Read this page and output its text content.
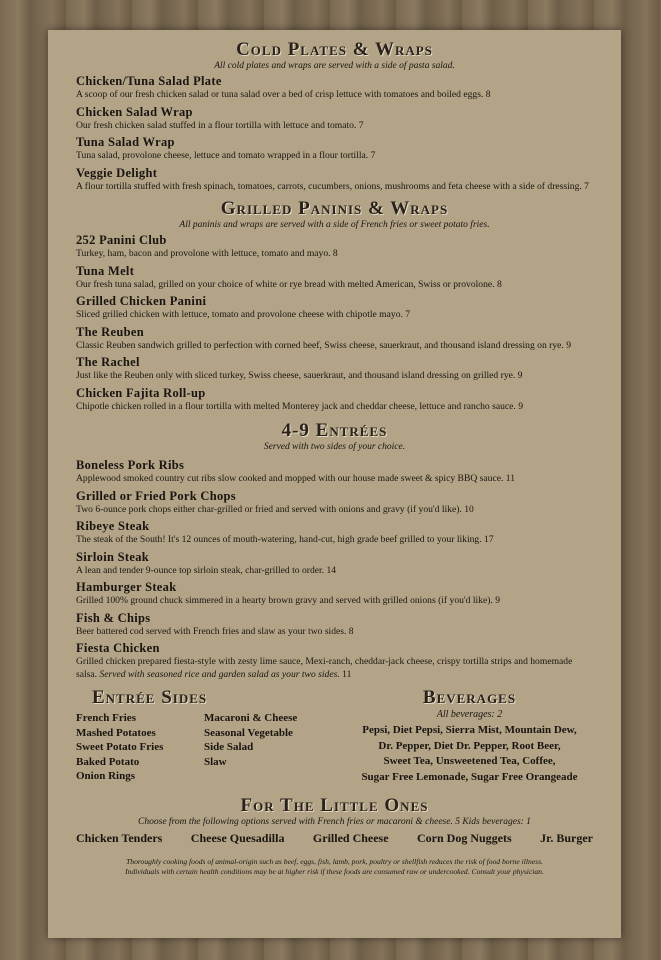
Cold Plates & Wraps

All cold plates and wraps are served with a side of pasta salad.

Chicken/Tuna Salad Plate
A scoop of our fresh chicken salad or tuna salad over a bed of crisp lettuce with tomatoes and boiled eggs. 8
Chicken Salad Wrap
Our fresh chicken salad stuffed in a flour tortilla with lettuce and tomato. 7
Tuna Salad Wrap
Tuna salad, provolone cheese, lettuce and tomato wrapped in a flour tortilla. 7
Veggie Delight
A flour tortilla stuffed with fresh spinach, tomatoes, carrots, cucumbers, onions, mushrooms and feta cheese with a side of dressing. 7
Grilled Paninis & Wraps

All paninis and wraps are served with a side of French fries or sweet potato fries.

252 Panini Club
Turkey, ham, bacon and provolone with lettuce, tomato and mayo. 8
Tuna Melt
Our fresh tuna salad, grilled on your choice of white or rye bread with melted American, Swiss or provolone. 8
Grilled Chicken Panini
Sliced grilled chicken with lettuce, tomato and provolone cheese with chipotle mayo. 7
The Reuben
Classic Reuben sandwich grilled to perfection with corned beef, Swiss cheese, sauerkraut, and thousand island dressing on rye. 9
The Rachel
Just like the Reuben only with sliced turkey, Swiss cheese, sauerkraut, and thousand island dressing on grilled rye. 9
Chicken Fajita Roll-up
Chipotle chicken rolled in a flour tortilla with melted Monterey jack and cheddar cheese, lettuce and rancho sauce. 9
4-9 Entrées

Served with two sides of your choice.

Boneless Pork Ribs
Applewood smoked country cut ribs slow cooked and mopped with our house made sweet & spicy BBQ sauce. 11
Grilled or Fried Pork Chops
Two 6-ounce pork chops either char-grilled or fried and served with onions and gravy (if you'd like). 10
Ribeye Steak
The steak of the South! It's 12 ounces of mouth-watering, hand-cut, high grade beef grilled to your liking. 17
Sirloin Steak
A lean and tender 9-ounce top sirloin steak, char-grilled to order. 14
Hamburger Steak
Grilled 100% ground chuck simmered in a hearty brown gravy and served with grilled onions (if you'd like). 9
Fish & Chips
Beer battered cod served with French fries and slaw as your two sides. 8
Fiesta Chicken
Grilled chicken prepared fiesta-style with zesty lime sauce, Mexi-ranch, cheddar-jack cheese, crispy tortilla strips and homemade salsa. Served with seasoned rice and garden salad as your two sides. 11
Entrée Sides
French Fries	Macaroni & Cheese
Mashed Potatoes	Seasonal Vegetable
Sweet Potato Fries	Side Salad
Baked Potato	Slaw
Onion Rings
Beverages

All beverages: 2

Pepsi, Diet Pepsi, Sierra Mist, Mountain Dew,
Dr. Pepper, Diet Dr. Pepper, Root Beer,
Sweet Tea, Unsweetened Tea, Coffee,
Sugar Free Lemonade, Sugar Free Orangeade
For The Little Ones

Choose from the following options served with French fries or macaroni & cheese. 5 Kids beverages: 1

Chicken Tenders Cheese Quesadilla Grilled Cheese Corn Dog Nuggets Jr. Burger
Thoroughly cooking foods of animal-origin such as beef, eggs, fish, lamb, pork, poultry or shellfish reduces the risk of food borne illness.
Individuals with certain health conditions may be at higher risk if these foods are consumed raw or undercooked. Consult your physician.
